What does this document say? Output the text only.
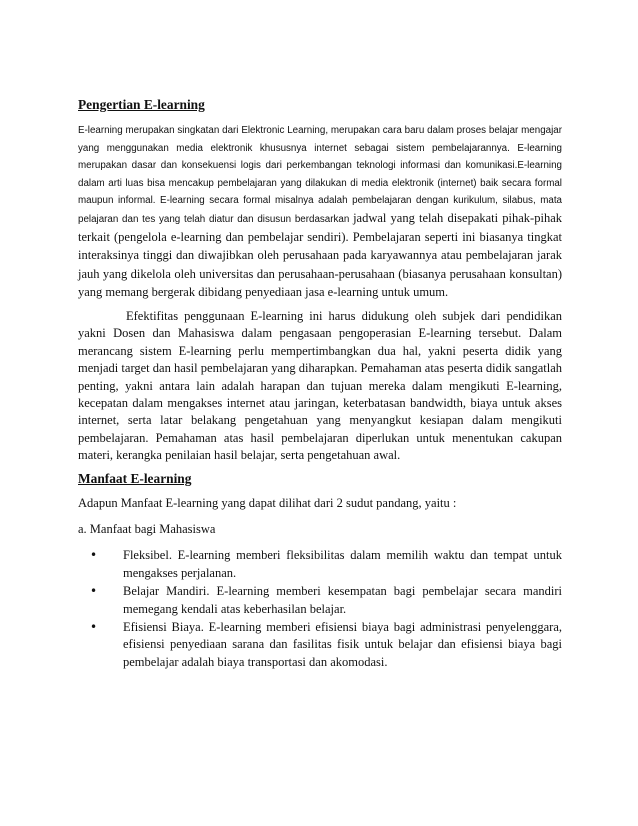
Pengertian E-learning

E-learning merupakan singkatan dari Elektronic Learning, merupakan cara baru dalam proses belajar mengajar yang menggunakan media elektronik khususnya internet sebagai sistem pembelajarannya. E-learning merupakan dasar dan konsekuensi logis dari perkembangan teknologi informasi dan komunikasi.E-learning dalam arti luas bisa mencakup pembelajaran yang dilakukan di media elektronik (internet) baik secara formal maupun informal. E-learning secara formal misalnya adalah pembelajaran dengan kurikulum, silabus, mata pelajaran dan tes yang telah diatur dan disusun berdasarkan jadwal yang telah disepakati pihak-pihak terkait (pengelola e-learning dan pembelajar sendiri). Pembelajaran seperti ini biasanya tingkat interaksinya tinggi dan diwajibkan oleh perusahaan pada karyawannya atau pembelajaran jarak jauh yang dikelola oleh universitas dan perusahaan-perusahaan (biasanya perusahaan konsultan) yang memang bergerak dibidang penyediaan jasa e-learning untuk umum.

Efektifitas penggunaan E-learning ini harus didukung oleh subjek dari pendidikan yakni Dosen dan Mahasiswa dalam pengasaan pengoperasian E-learning tersebut. Dalam merancang sistem E-learning perlu mempertimbangkan dua hal, yakni peserta didik yang menjadi target dan hasil pembelajaran yang diharapkan. Pemahaman atas peserta didik sangatlah penting, yakni antara lain adalah harapan dan tujuan mereka dalam mengikuti E-learning, kecepatan dalam mengakses internet atau jaringan, keterbatasan bandwidth, biaya untuk akses internet, serta latar belakang pengetahuan yang menyangkut kesiapan dalam mengikuti pembelajaran. Pemahaman atas hasil pembelajaran diperlukan untuk menentukan cakupan materi, kerangka penilaian hasil belajar, serta pengetahuan awal.

Manfaat E-learning

Adapun Manfaat E-learning yang dapat dilihat dari 2 sudut pandang, yaitu :

a. Manfaat bagi Mahasiswa

•	Fleksibel. E-learning memberi fleksibilitas dalam memilih waktu dan tempat untuk mengakses perjalanan.
•	Belajar Mandiri. E-learning memberi kesempatan bagi pembelajar secara mandiri memegang kendali atas keberhasilan belajar.
•	Efisiensi Biaya. E-learning memberi efisiensi biaya bagi administrasi penyelenggara, efisiensi penyediaan sarana dan fasilitas fisik untuk belajar dan efisiensi biaya bagi pembelajar adalah biaya transportasi dan akomodasi.
